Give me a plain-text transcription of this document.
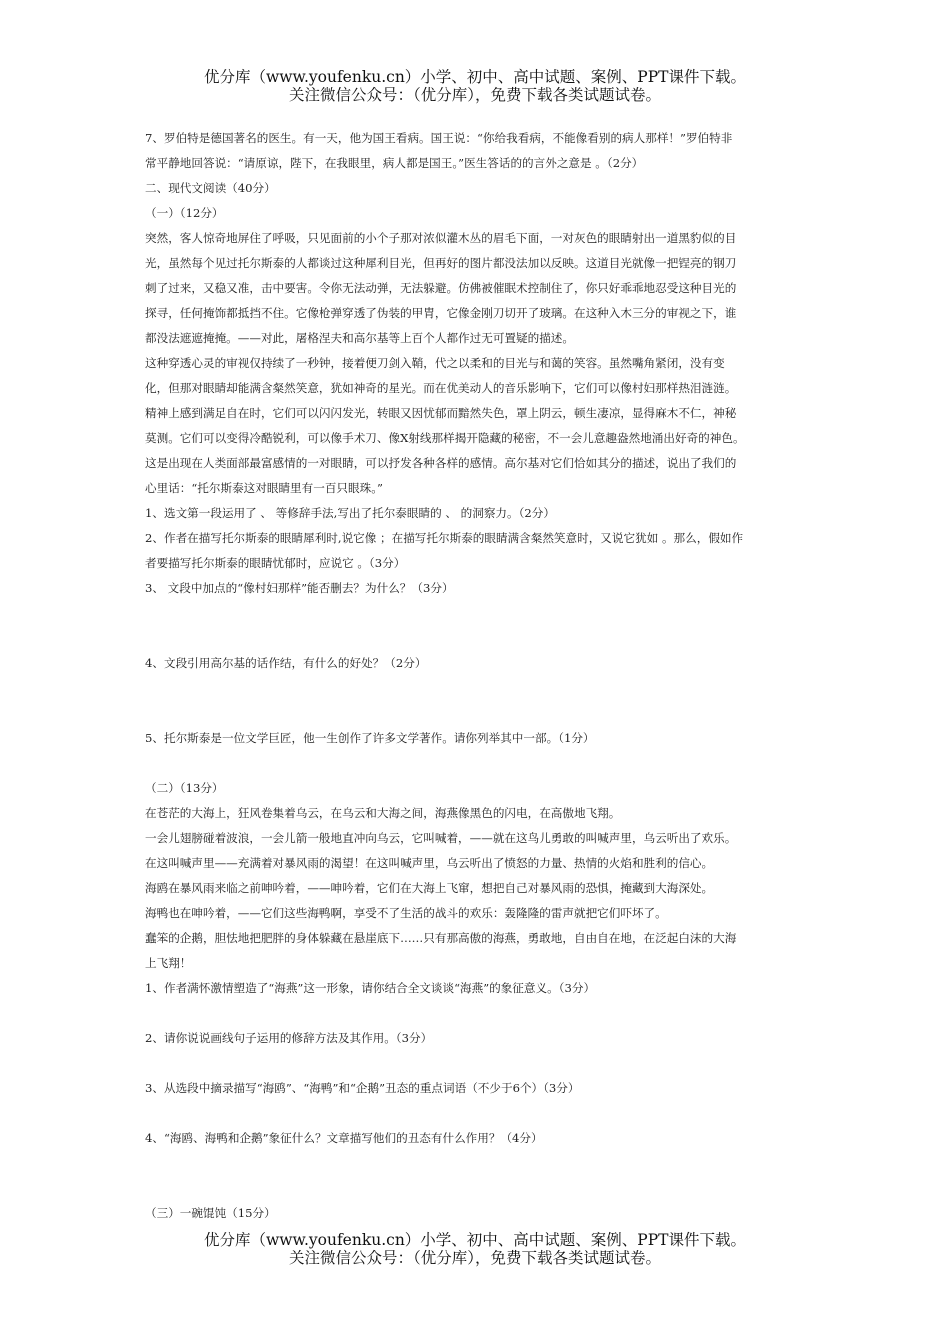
优分库（www.youfenku.cn）小学、初中、高中试题、案例、PPT课件下载。
关注微信公众号：（优分库），免费下载各类试题试卷。

7、罗伯特是德国著名的医生。有一天，他为国王看病。国王说：“你给我看病，不能像看别的病人那样！”罗伯特非

常平静地回答说：“请原谅，陛下，在我眼里，病人都是国王。”医生答话的的言外之意是 。（2分）

二、现代文阅读（40分）

（一）（12分）

突然，客人惊奇地屏住了呼吸，只见面前的小个子那对浓似灌木丛的眉毛下面，一对灰色的眼睛射出一道黑豹似的目

光，虽然每个见过托尔斯泰的人都谈过这种犀利目光，但再好的图片都没法加以反映。这道目光就像一把锃亮的钢刀

刺了过来，又稳又准，击中要害。令你无法动弹，无法躲避。仿佛被催眠术控制住了，你只好乖乖地忍受这种目光的

探寻，任何掩饰都抵挡不住。它像枪弹穿透了伪装的甲胄，它像金刚刀切开了玻璃。在这种入木三分的审视之下，谁

都没法遮遮掩掩。——对此，屠格涅夫和高尔基等上百个人都作过无可置疑的描述。

这种穿透心灵的审视仅持续了一秒钟，接着便刀剑入鞘，代之以柔和的目光与和蔼的笑容。虽然嘴角紧闭，没有变

化，但那对眼睛却能满含粲然笑意，犹如神奇的星光。而在优美动人的音乐影响下，它们可以像村妇那样热泪涟涟。

精神上感到满足自在时，它们可以闪闪发光，转眼又因忧郁而黯然失色，罩上阴云，顿生凄凉，显得麻木不仁，神秘

莫测。它们可以变得冷酷锐利，可以像手术刀、像X射线那样揭开隐藏的秘密，不一会儿意趣盎然地涌出好奇的神色。

这是出现在人类面部最富感情的一对眼睛，可以抒发各种各样的感情。高尔基对它们恰如其分的描述，说出了我们的

心里话：“托尔斯泰这对眼睛里有一百只眼珠。”

1、选文第一段运用了 、 等修辞手法,写出了托尔泰眼睛的 、 的洞察力。（2分）

2、作者在描写托尔斯泰的眼睛犀利时,说它像 ；在描写托尔斯泰的眼睛满含粲然笑意时，又说它犹如 。那么，假如作

者要描写托尔斯泰的眼睛忧郁时，应说它 。（3分）

3、 文段中加点的“像村妇那样”能否删去？为什么？（3分）

4、文段引用高尔基的话作结，有什么的好处？（2分）

5、托尔斯泰是一位文学巨匠，他一生创作了许多文学著作。请你列举其中一部。（1分）

（二）（13分）

在苍茫的大海上，狂风卷集着乌云，在乌云和大海之间，海燕像黑色的闪电，在高傲地飞翔。

一会儿翅膀碰着波浪，一会儿箭一般地直冲向乌云，它叫喊着，——就在这鸟儿勇敢的叫喊声里，乌云听出了欢乐。

在这叫喊声里——充满着对暴风雨的渴望！在这叫喊声里，乌云听出了愤怒的力量、热情的火焰和胜利的信心。

海鸥在暴风雨来临之前呻吟着，——呻吟着，它们在大海上飞窜，想把自己对暴风雨的恐惧，掩藏到大海深处。

海鸭也在呻吟着，——它们这些海鸭啊，享受不了生活的战斗的欢乐：轰隆隆的雷声就把它们吓坏了。

蠢笨的企鹅，胆怯地把肥胖的身体躲藏在悬崖底下……只有那高傲的海燕，勇敢地，自由自在地，在泛起白沫的大海

上飞翔！

1、作者满怀激情塑造了“海燕”这一形象，请你结合全文谈谈“海燕”的象征意义。（3分）

2、请你说说画线句子运用的修辞方法及其作用。（3分）

3、从选段中摘录描写“海鸥”、“海鸭”和“企鹅”丑态的重点词语（不少于6个）（3分）

4、“海鸥、海鸭和企鹅”象征什么？文章描写他们的丑态有什么作用？（4分）

（三）一碗馄饨（15分）

优分库（www.youfenku.cn）小学、初中、高中试题、案例、PPT课件下载。
关注微信公众号：（优分库），免费下载各类试题试卷。
